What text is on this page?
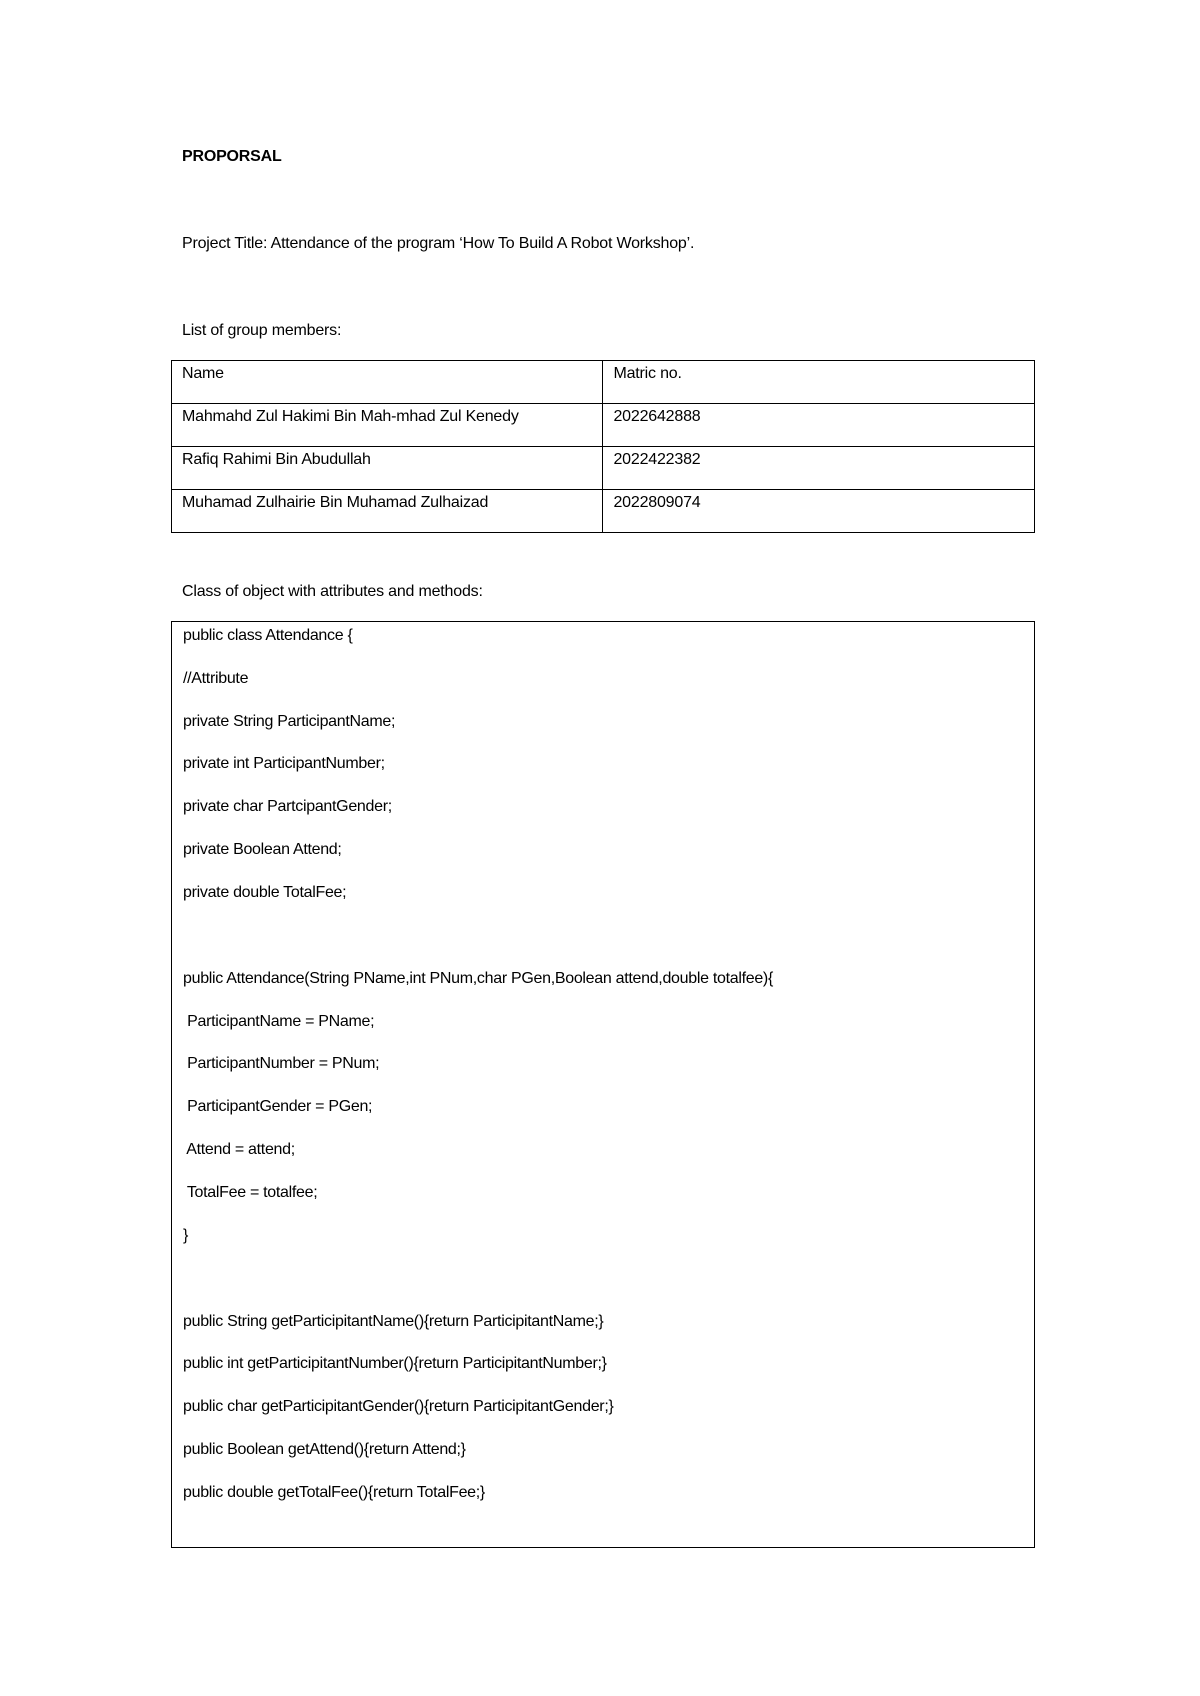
PROPORSAL
Project Title: Attendance of the program ‘How To Build A Robot Workshop’.
List of group members:
Name	Matric no.
Mahmahd Zul Hakimi Bin Mah-mhad Zul Kenedy	2022642888
Rafiq Rahimi Bin Abudullah	2022422382
Muhamad Zulhairie Bin Muhamad Zulhaizad	2022809074
Class of object with attributes and methods:
public class Attendance {
//Attribute
private String ParticipantName;
private int ParticipantNumber;
private char PartcipantGender;
private Boolean Attend;
private double TotalFee;
public Attendance(String PName,int PNum,char PGen,Boolean attend,double totalfee){
ParticipantName = PName;
ParticipantNumber = PNum;
ParticipantGender = PGen;
Attend = attend;
TotalFee = totalfee;
}
public String getParticipitantName(){return ParticipitantName;}
public int getParticipitantNumber(){return ParticipitantNumber;}
public char getParticipitantGender(){return ParticipitantGender;}
public Boolean getAttend(){return Attend;}
public double getTotalFee(){return TotalFee;}
